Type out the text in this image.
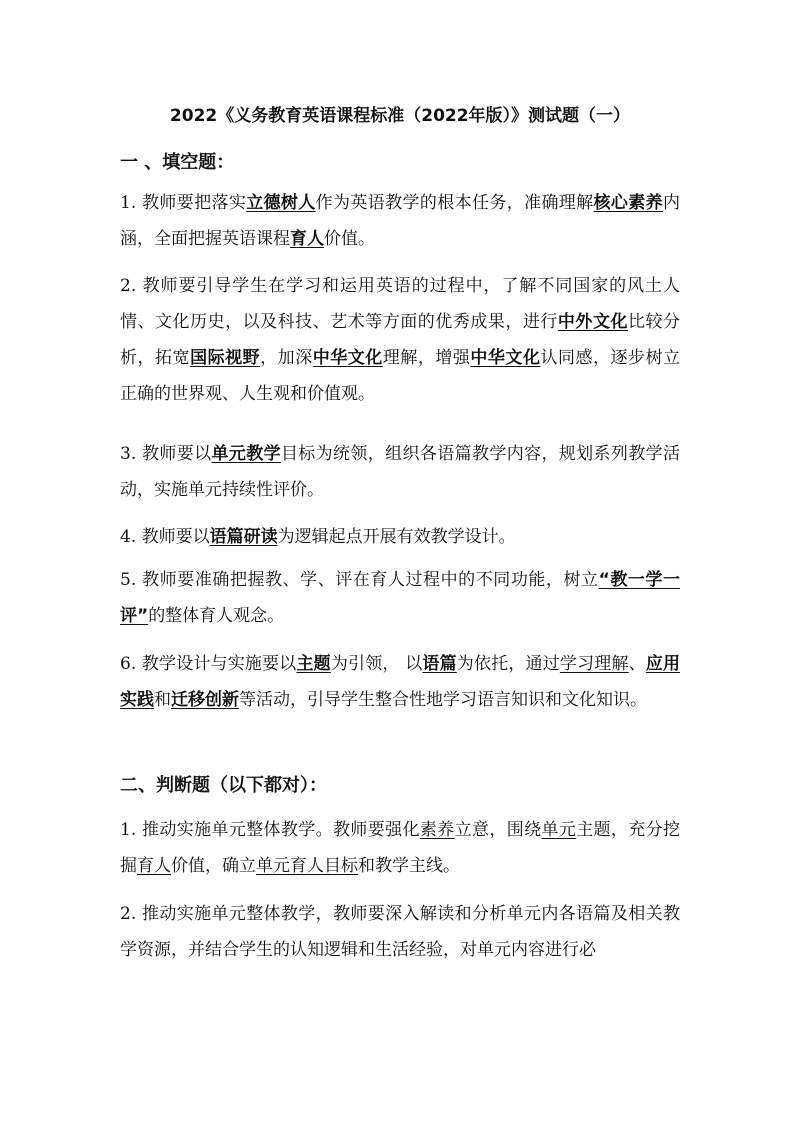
2022《义务教育英语课程标准（2022年版）》测试题（一）
一 、填空题：

1. 教师要把落实立德树人作为英语教学的根本任务，准确理解核心素养内涵，全面把握英语课程育人价值。

2. 教师要引导学生在学习和运用英语的过程中，了解不同国家的风土人情、文化历史，以及科技、艺术等方面的优秀成果，进行中外文化比较分析，拓宽国际视野，加深中华文化理解，增强中华文化认同感，逐步树立正确的世界观、人生观和价值观。

3. 教师要以单元教学目标为统领，组织各语篇教学内容，规划系列教学活动，实施单元持续性评价。

4. 教师要以语篇研读为逻辑起点开展有效教学设计。

5. 教师要准确把握教、学、评在育人过程中的不同功能，树立“教一学一评”的整体育人观念。

6. 教学设计与实施要以主题为引领， 以语篇为依托，通过学习理解、应用实践和迁移创新等活动，引导学生整合性地学习语言知识和文化知识。

二、判断题（以下都对）：

1. 推动实施单元整体教学。教师要强化素养立意，围绕单元主题，充分挖掘育人价值，确立单元育人目标和教学主线。

2. 推动实施单元整体教学，教师要深入解读和分析单元内各语篇及相关教学资源，并结合学生的认知逻辑和生活经验，对单元内容进行必
